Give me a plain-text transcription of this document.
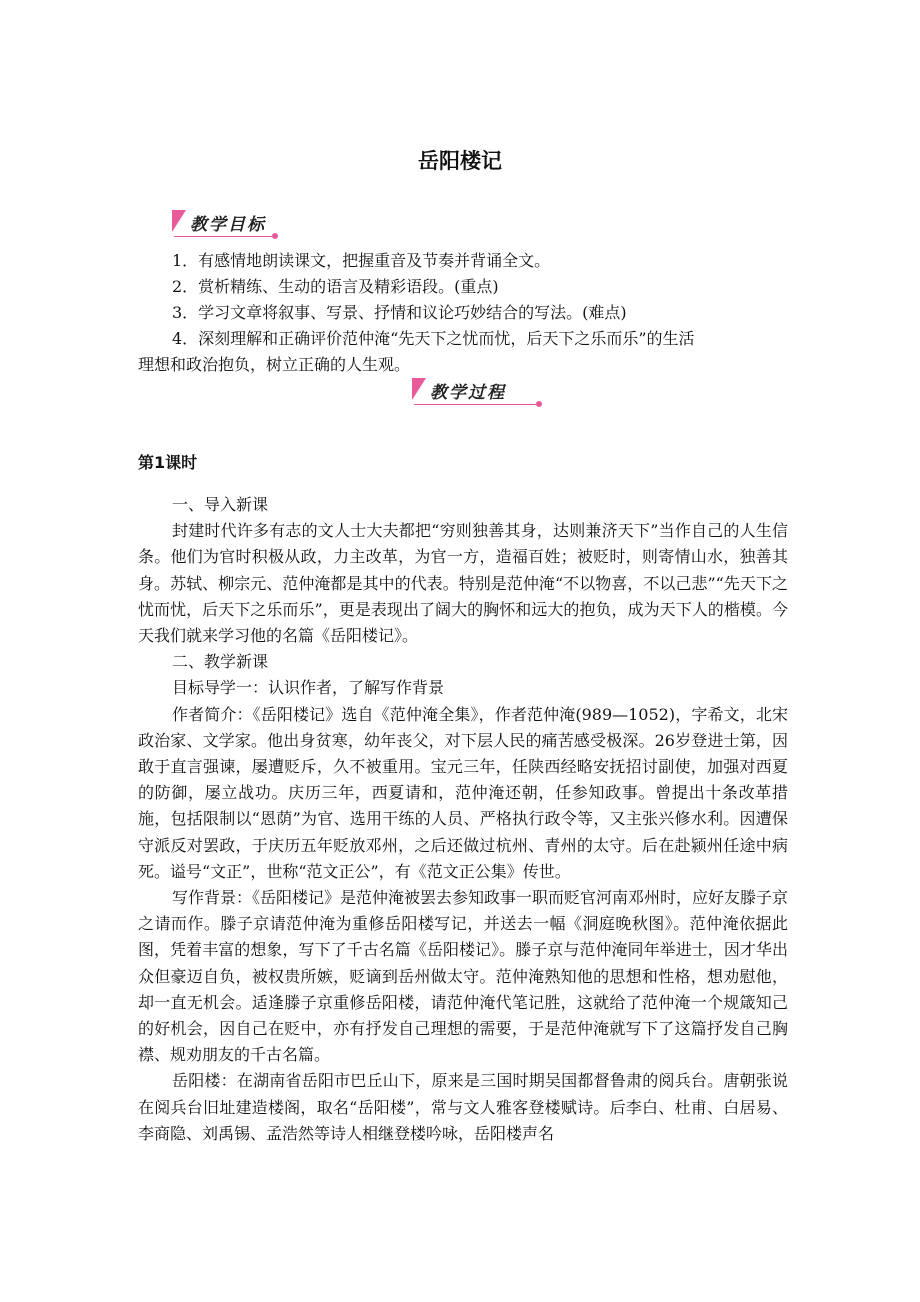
岳阳楼记
教学目标
1．有感情地朗读课文，把握重音及节奏并背诵全文。
2．赏析精练、生动的语言及精彩语段。(重点)
3．学习文章将叙事、写景、抒情和议论巧妙结合的写法。(难点)
4．深刻理解和正确评价范仲淹“先天下之忧而忧，后天下之乐而乐”的生活
理想和政治抱负，树立正确的人生观。
教学过程
第1课时

一、导入新课

封建时代许多有志的文人士大夫都把“穷则独善其身，达则兼济天下”当作自己的人生信条。他们为官时积极从政，力主改革，为官一方，造福百姓；被贬时，则寄情山水，独善其身。苏轼、柳宗元、范仲淹都是其中的代表。特别是范仲淹“不以物喜，不以己悲”“先天下之忧而忧，后天下之乐而乐”，更是表现出了阔大的胸怀和远大的抱负，成为天下人的楷模。今天我们就来学习他的名篇《岳阳楼记》。

二、教学新课

目标导学一：认识作者，了解写作背景

作者简介：《岳阳楼记》选自《范仲淹全集》，作者范仲淹(989—1052)，字希文，北宋政治家、文学家。他出身贫寒，幼年丧父，对下层人民的痛苦感受极深。26岁登进士第，因敢于直言强谏，屡遭贬斥，久不被重用。宝元三年，任陕西经略安抚招讨副使，加强对西夏的防御，屡立战功。庆历三年，西夏请和，范仲淹还朝，任参知政事。曾提出十条改革措施，包括限制以“恩荫”为官、选用干练的人员、严格执行政令等，又主张兴修水利。因遭保守派反对罢政，于庆历五年贬放邓州，之后还做过杭州、青州的太守。后在赴颍州任途中病死。谥号“文正”，世称“范文正公”，有《范文正公集》传世。

写作背景：《岳阳楼记》是范仲淹被罢去参知政事一职而贬官河南邓州时，应好友滕子京之请而作。滕子京请范仲淹为重修岳阳楼写记，并送去一幅《洞庭晚秋图》。范仲淹依据此图，凭着丰富的想象，写下了千古名篇《岳阳楼记》。滕子京与范仲淹同年举进士，因才华出众但豪迈自负，被权贵所嫉，贬谪到岳州做太守。范仲淹熟知他的思想和性格，想劝慰他，却一直无机会。适逢滕子京重修岳阳楼，请范仲淹代笔记胜，这就给了范仲淹一个规箴知己的好机会，因自己在贬中，亦有抒发自己理想的需要，于是范仲淹就写下了这篇抒发自己胸襟、规劝朋友的千古名篇。

岳阳楼：在湖南省岳阳市巴丘山下，原来是三国时期吴国都督鲁肃的阅兵台。唐朝张说在阅兵台旧址建造楼阁，取名“岳阳楼”，常与文人雅客登楼赋诗。后李白、杜甫、白居易、李商隐、刘禹锡、孟浩然等诗人相继登楼吟咏，岳阳楼声名
